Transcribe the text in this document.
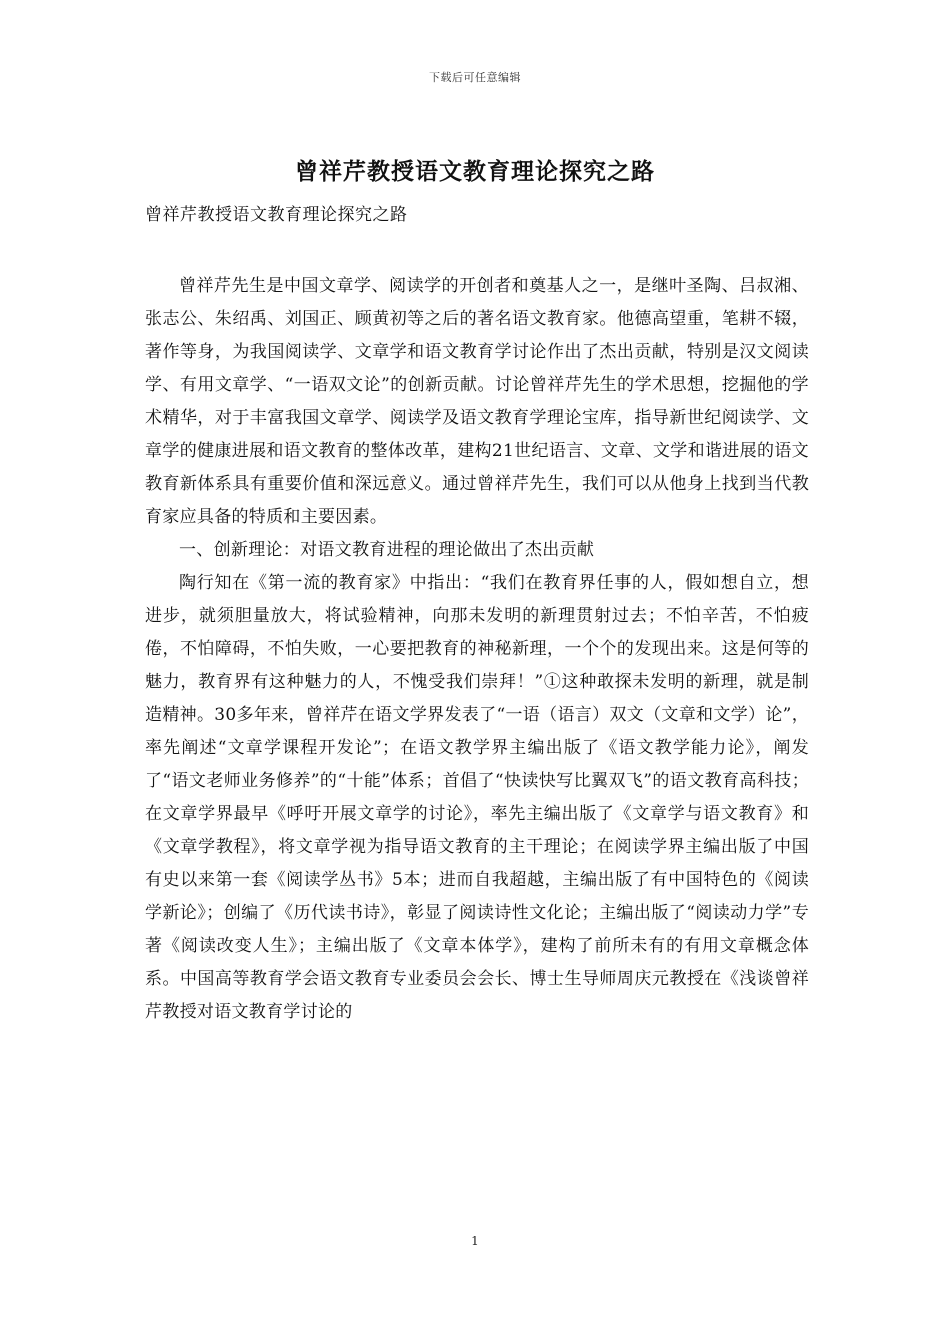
下载后可任意编辑
曾祥芹教授语文教育理论探究之路
曾祥芹教授语文教育理论探究之路

曾祥芹先生是中国文章学、阅读学的开创者和奠基人之一，是继叶圣陶、吕叔湘、张志公、朱绍禹、刘国正、顾黄初等之后的著名语文教育家。他德高望重，笔耕不辍，著作等身，为我国阅读学、文章学和语文教育学讨论作出了杰出贡献，特别是汉文阅读学、有用文章学、“一语双文论”的创新贡献。讨论曾祥芹先生的学术思想，挖掘他的学术精华，对于丰富我国文章学、阅读学及语文教育学理论宝库，指导新世纪阅读学、文章学的健康进展和语文教育的整体改革，建构21世纪语言、文章、文学和谐进展的语文教育新体系具有重要价值和深远意义。通过曾祥芹先生，我们可以从他身上找到当代教育家应具备的特质和主要因素。

一、创新理论：对语文教育进程的理论做出了杰出贡献

陶行知在《第一流的教育家》中指出：“我们在教育界任事的人，假如想自立，想进步，就须胆量放大，将试验精神，向那未发明的新理贯射过去；不怕辛苦，不怕疲倦，不怕障碍，不怕失败，一心要把教育的神秘新理，一个个的发现出来。这是何等的魅力，教育界有这种魅力的人，不愧受我们崇拜！”①这种敢探未发明的新理，就是制造精神。30多年来，曾祥芹在语文学界发表了“一语（语言）双文（文章和文学）论”，率先阐述“文章学课程开发论”；在语文教学界主编出版了《语文教学能力论》，阐发了“语文老师业务修养”的“十能”体系；首倡了“快读快写比翼双飞”的语文教育高科技；在文章学界最早《呼吁开展文章学的讨论》，率先主编出版了《文章学与语文教育》和《文章学教程》，将文章学视为指导语文教育的主干理论；在阅读学界主编出版了中国有史以来第一套《阅读学丛书》5本；进而自我超越，主编出版了有中国特色的《阅读学新论》；创编了《历代读书诗》，彰显了阅读诗性文化论；主编出版了“阅读动力学”专著《阅读改变人生》；主编出版了《文章本体学》，建构了前所未有的有用文章概念体系。中国高等教育学会语文教育专业委员会会长、博士生导师周庆元教授在《浅谈曾祥芹教授对语文教育学讨论的

1
